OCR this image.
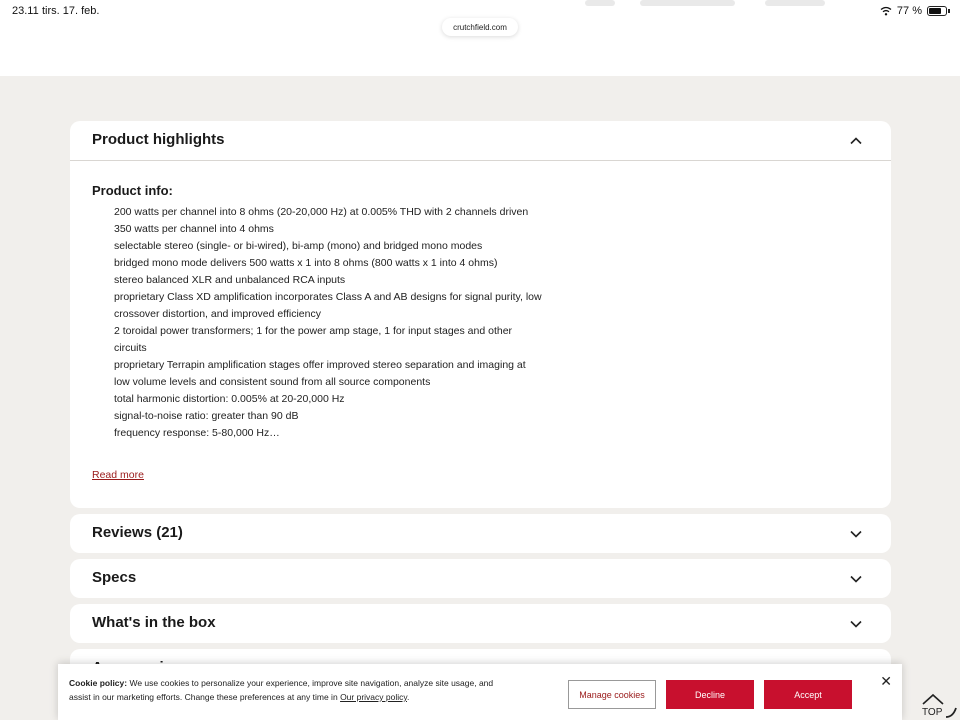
23.11 tirs. 17. feb.	77 %
crutchfield.com
Product highlights
Product info:
200 watts per channel into 8 ohms (20-20,000 Hz) at 0.005% THD with 2 channels driven
350 watts per channel into 4 ohms
selectable stereo (single- or bi-wired), bi-amp (mono) and bridged mono modes
bridged mono mode delivers 500 watts x 1 into 8 ohms (800 watts x 1 into 4 ohms)
stereo balanced XLR and unbalanced RCA inputs
proprietary Class XD amplification incorporates Class A and AB designs for signal purity, low crossover distortion, and improved efficiency
2 toroidal power transformers; 1 for the power amp stage, 1 for input stages and other circuits
proprietary Terrapin amplification stages offer improved stereo separation and imaging at low volume levels and consistent sound from all source components
total harmonic distortion: 0.005% at 20-20,000 Hz
signal-to-noise ratio: greater than 90 dB
frequency response: 5-80,000 Hz…
Read more
Reviews (21)
Specs
What's in the box
Cookie policy: We use cookies to personalize your experience, improve site navigation, analyze site usage, and assist in our marketing efforts. Change these preferences at any time in Our privacy policy.	Manage cookies	Decline	Accept
✕
TOP
